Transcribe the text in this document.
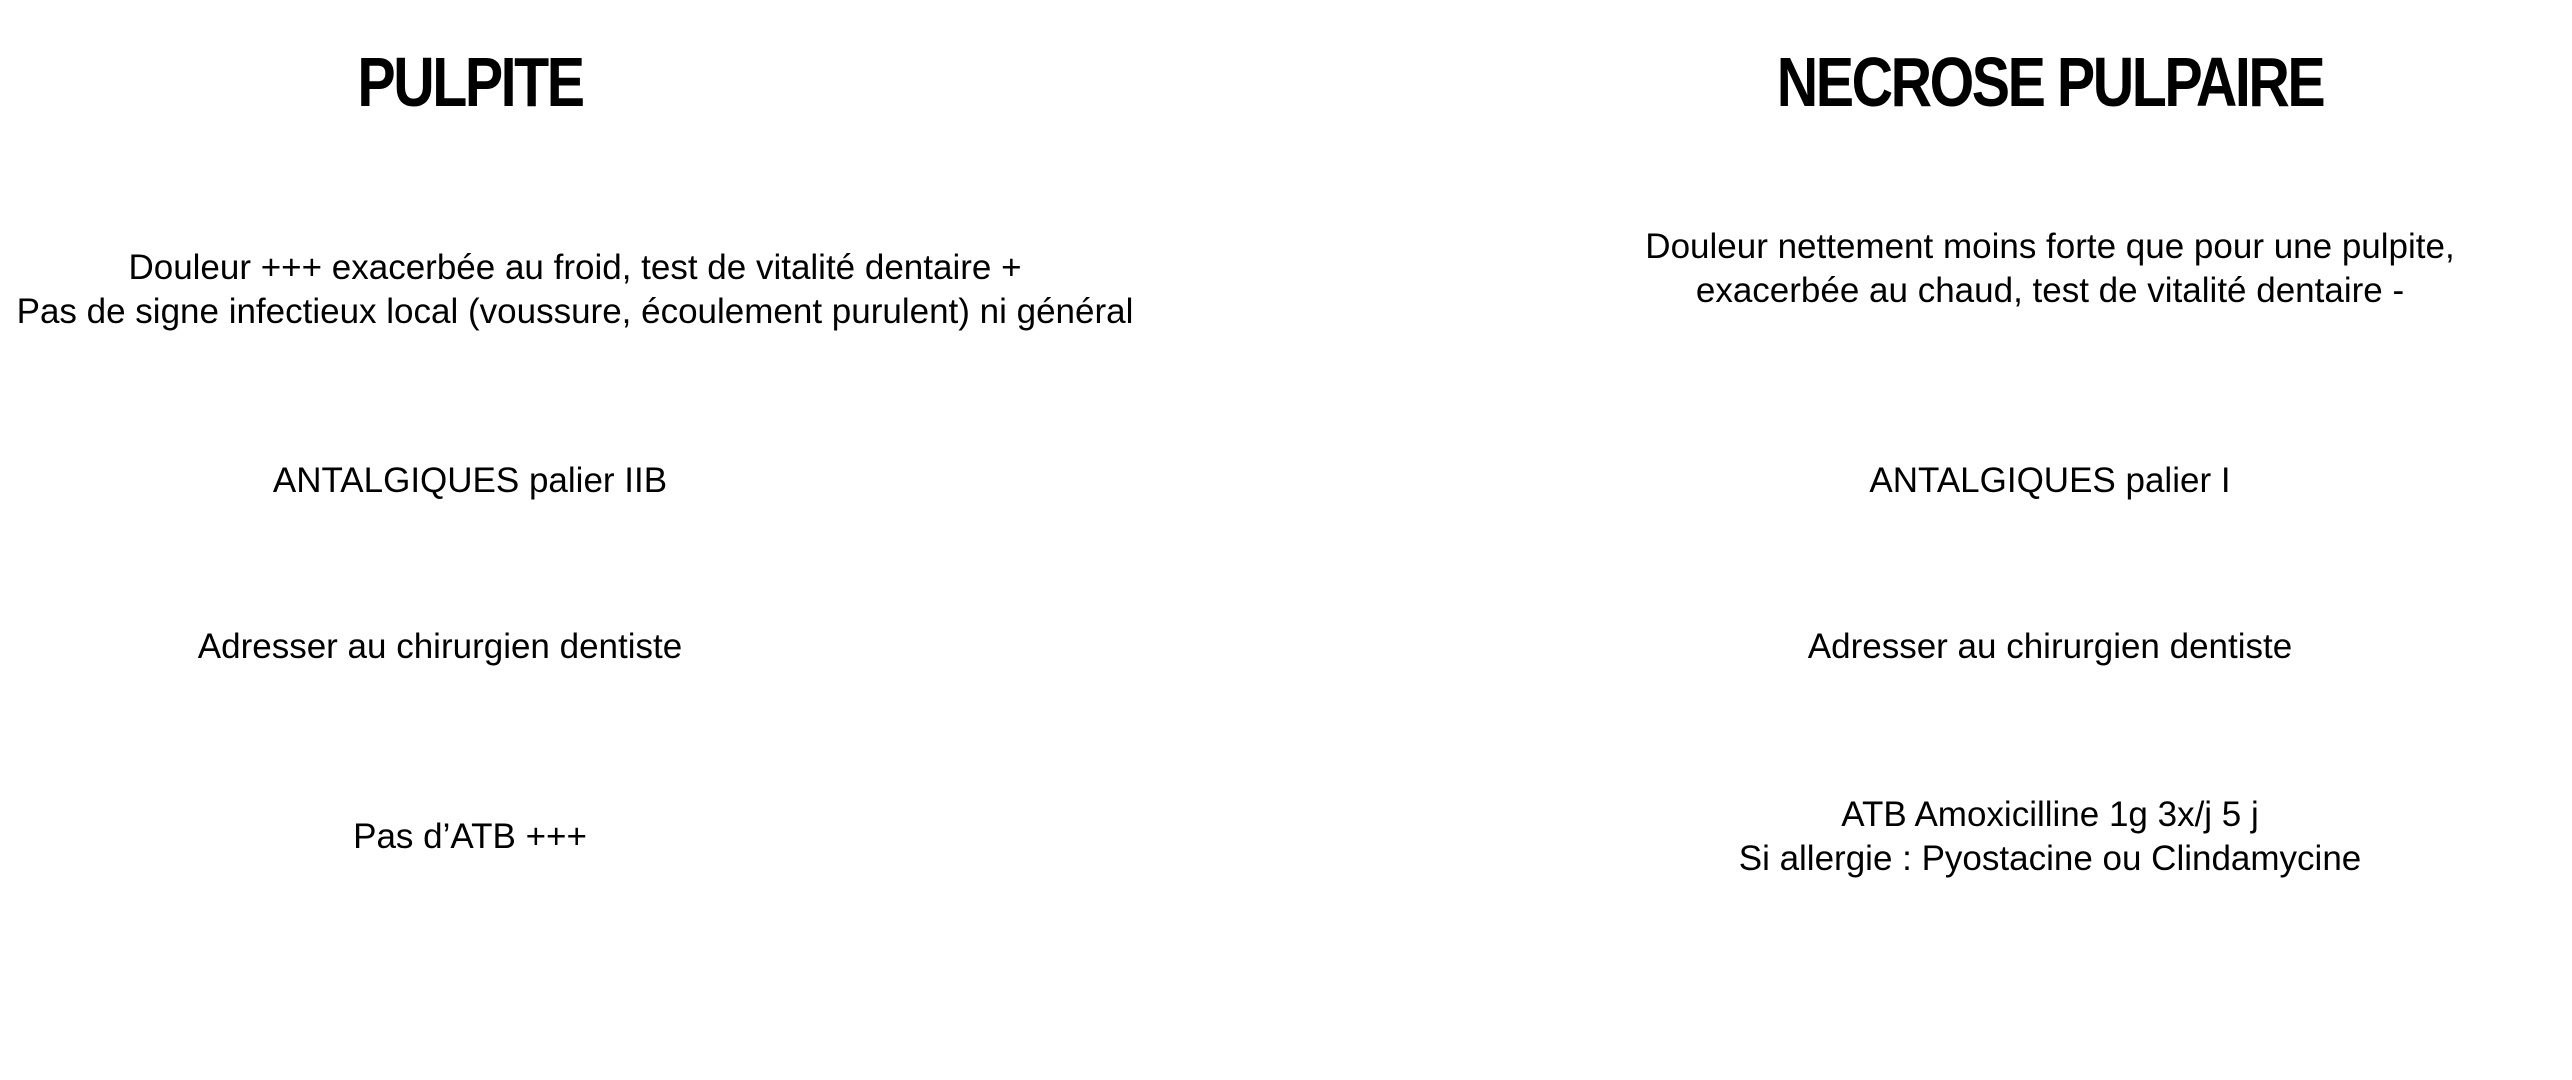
PULPITE

Douleur +++ exacerbée au froid, test de vitalité dentaire +
Pas de signe infectieux local (voussure, écoulement purulent) ni général

ANTALGIQUES palier IIB

Adresser au chirurgien dentiste

Pas d’ATB +++

NECROSE PULPAIRE

Douleur nettement moins forte que pour une pulpite,
exacerbée au chaud, test de vitalité dentaire -

ANTALGIQUES palier I

Adresser au chirurgien dentiste

ATB Amoxicilline 1g 3x/j 5 j
Si allergie : Pyostacine ou Clindamycine
